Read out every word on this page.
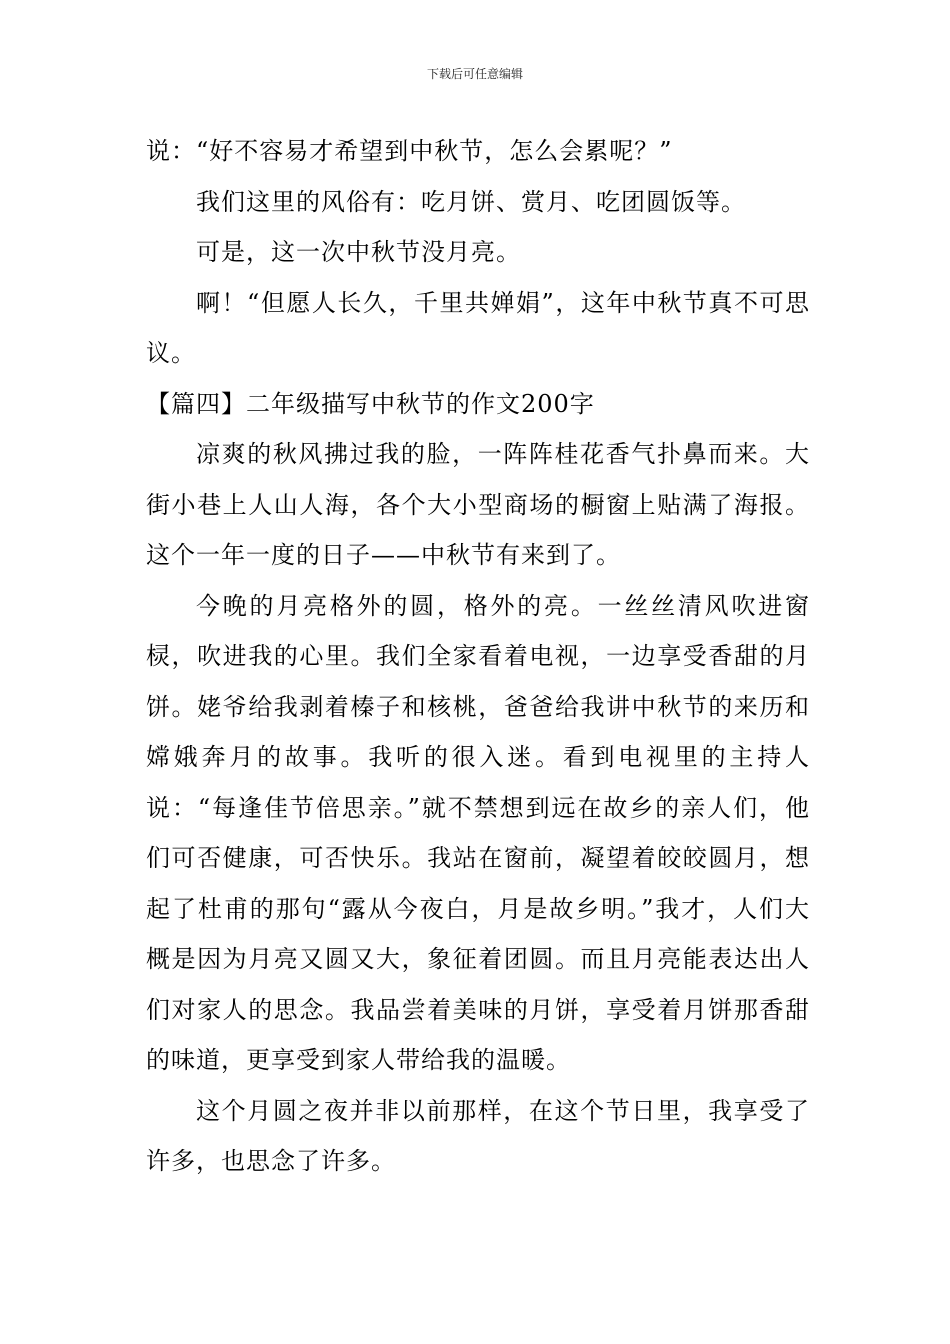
下载后可任意编辑

说：“好不容易才希望到中秋节，怎么会累呢？”

我们这里的风俗有：吃月饼、赏月、吃团圆饭等。

可是，这一次中秋节没月亮。

啊！“但愿人长久，千里共婵娟”，这年中秋节真不可思议。

【篇四】二年级描写中秋节的作文200字

凉爽的秋风拂过我的脸，一阵阵桂花香气扑鼻而来。大街小巷上人山人海，各个大小型商场的橱窗上贴满了海报。这个一年一度的日子——中秋节有来到了。

今晚的月亮格外的圆，格外的亮。一丝丝清风吹进窗棂，吹进我的心里。我们全家看着电视，一边享受香甜的月饼。姥爷给我剥着榛子和核桃，爸爸给我讲中秋节的来历和嫦娥奔月的故事。我听的很入迷。看到电视里的主持人说：“每逢佳节倍思亲。”就不禁想到远在故乡的亲人们，他们可否健康，可否快乐。我站在窗前，凝望着皎皎圆月，想起了杜甫的那句“露从今夜白，月是故乡明。”我才，人们大概是因为月亮又圆又大，象征着团圆。而且月亮能表达出人们对家人的思念。我品尝着美味的月饼，享受着月饼那香甜的味道，更享受到家人带给我的温暖。

这个月圆之夜并非以前那样，在这个节日里，我享受了许多，也思念了许多。
